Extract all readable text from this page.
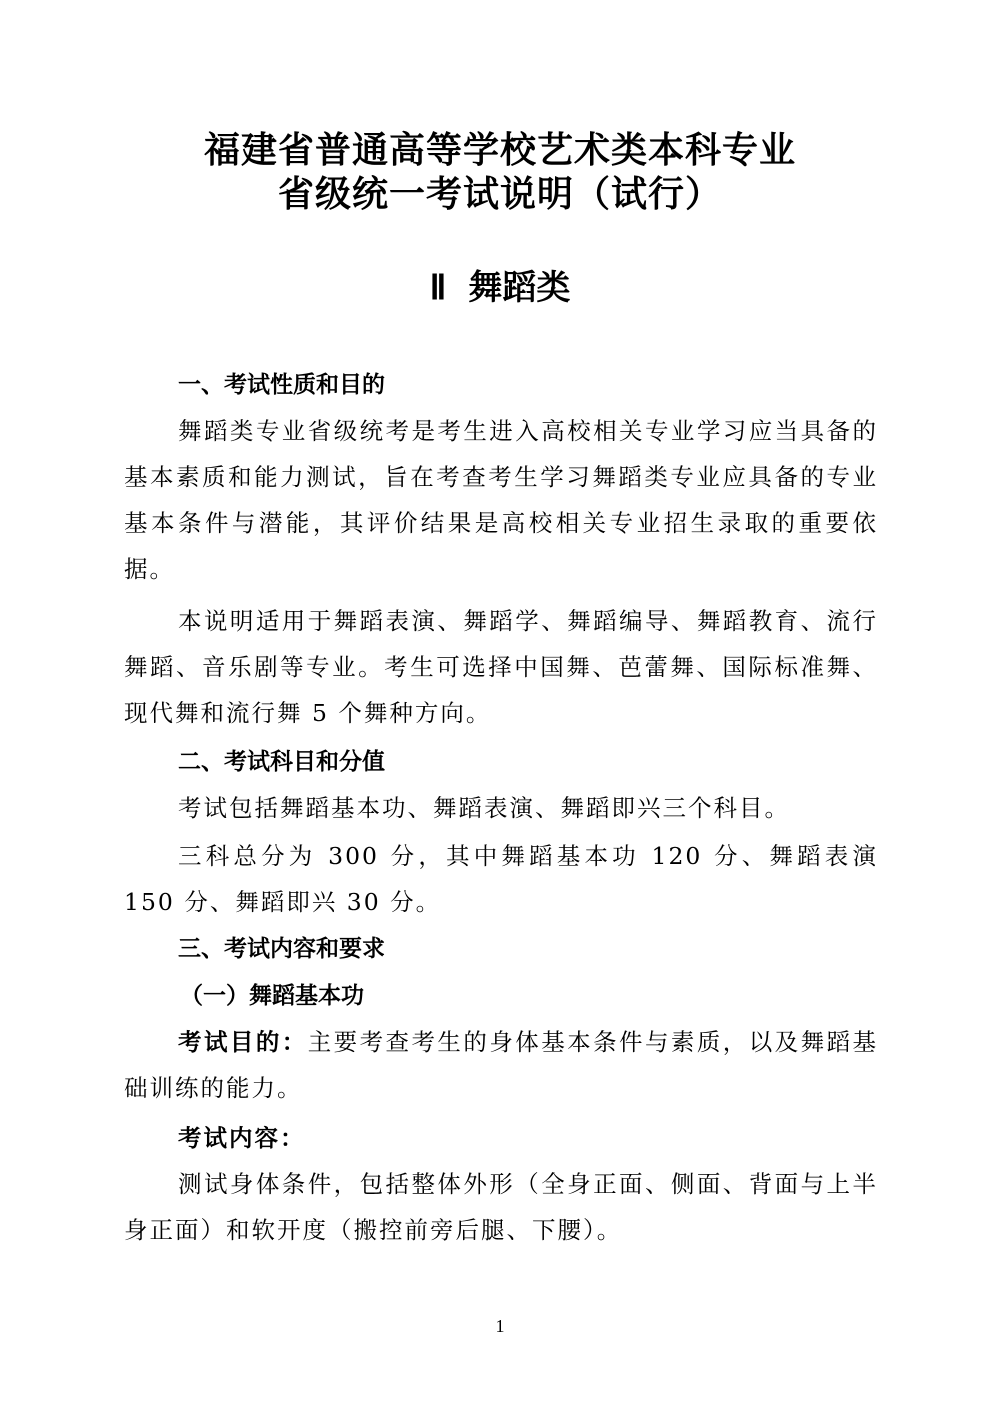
福建省普通高等学校艺术类本科专业
省级统一考试说明（试行）
Ⅱ 舞蹈类
一、考试性质和目的

舞蹈类专业省级统考是考生进入高校相关专业学习应当具备的基本素质和能力测试，旨在考查考生学习舞蹈类专业应具备的专业基本条件与潜能，其评价结果是高校相关专业招生录取的重要依据。

本说明适用于舞蹈表演、舞蹈学、舞蹈编导、舞蹈教育、流行舞蹈、音乐剧等专业。考生可选择中国舞、芭蕾舞、国际标准舞、现代舞和流行舞 5 个舞种方向。

二、考试科目和分值

考试包括舞蹈基本功、舞蹈表演、舞蹈即兴三个科目。

三科总分为 300 分，其中舞蹈基本功 120 分、舞蹈表演 150 分、舞蹈即兴 30 分。

三、考试内容和要求
（一）舞蹈基本功

考试目的：主要考查考生的身体基本条件与素质，以及舞蹈基础训练的能力。

考试内容：

测试身体条件，包括整体外形（全身正面、侧面、背面与上半身正面）和软开度（搬控前旁后腿、下腰）。

1
